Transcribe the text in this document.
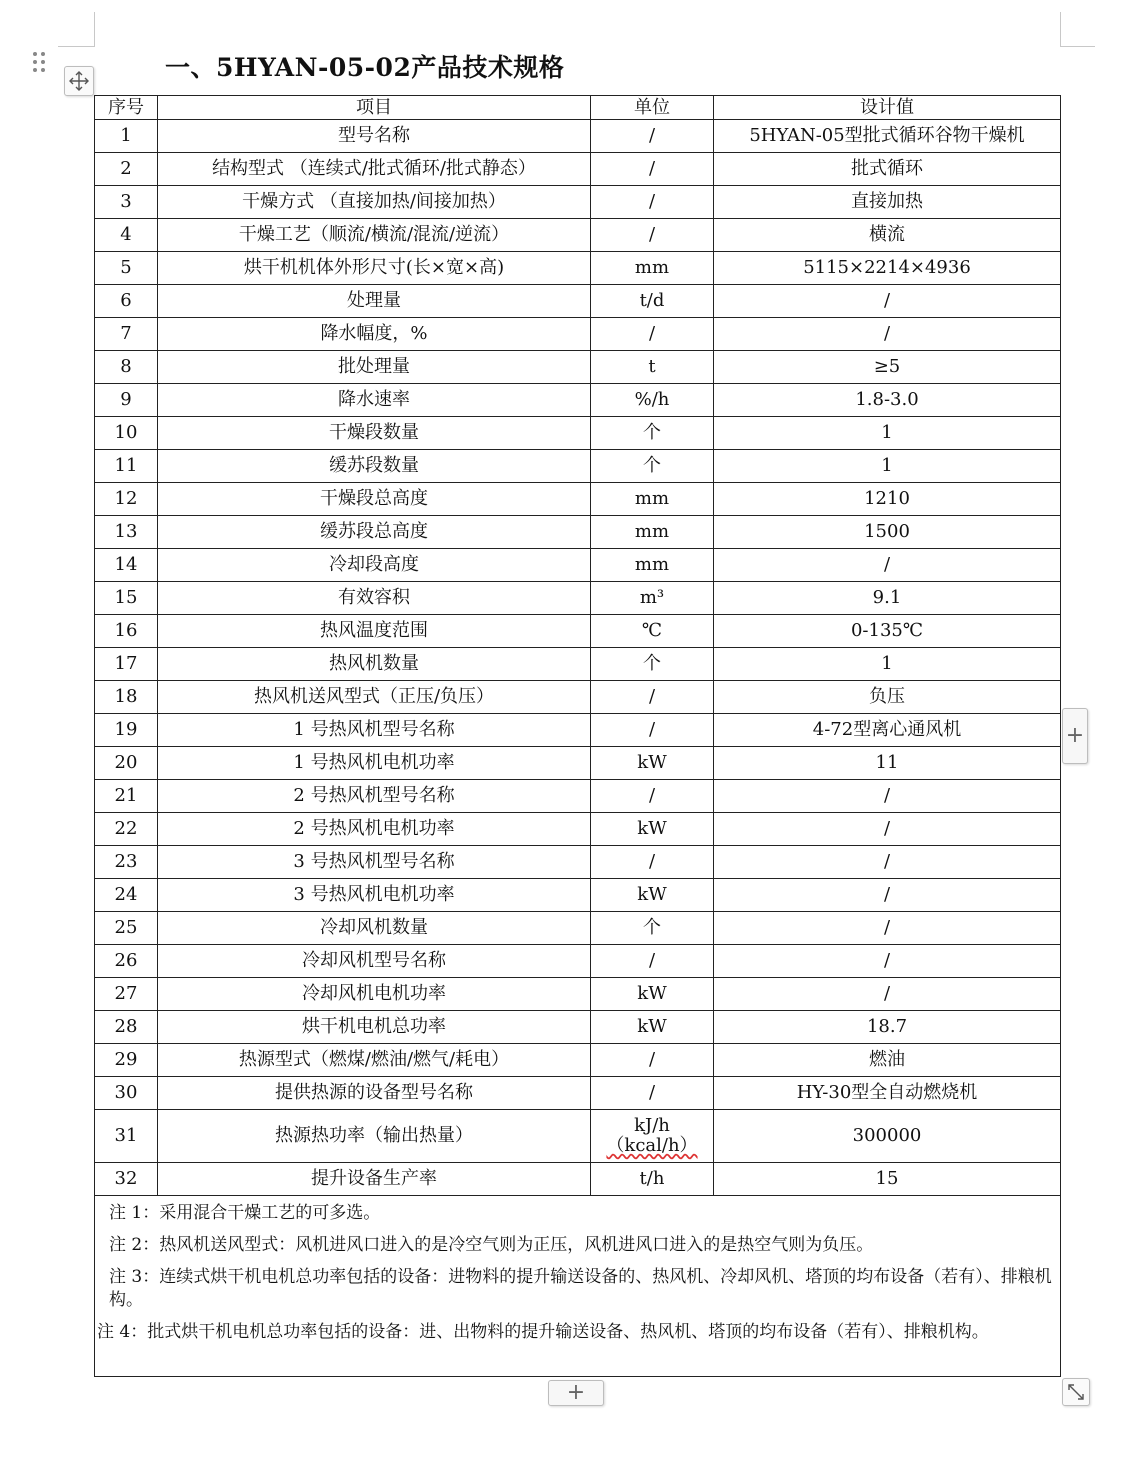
一、5HYAN-05-02产品技术规格
序号	项目	单位	设计值
1	型号名称	/	5HYAN-05型批式循环谷物干燥机
2	结构型式 （连续式/批式循环/批式静态）	/	批式循环
3	干燥方式 （直接加热/间接加热）	/	直接加热
4	干燥工艺（顺流/横流/混流/逆流）	/	横流
5	烘干机机体外形尺寸(长×宽×高)	mm	5115×2214×4936
6	处理量	t/d	/
7	降水幅度，%	/	/
8	批处理量	t	≥5
9	降水速率	%/h	1.8-3.0
10	干燥段数量	个	1
11	缓苏段数量	个	1
12	干燥段总高度	mm	1210
13	缓苏段总高度	mm	1500
14	冷却段高度	mm	/
15	有效容积	m³	9.1
16	热风温度范围	℃	0-135℃
17	热风机数量	个	1
18	热风机送风型式（正压/负压）	/	负压
19	1 号热风机型号名称	/	4-72型离心通风机
20	1 号热风机电机功率	kW	11
21	2 号热风机型号名称	/	/
22	2 号热风机电机功率	kW	/
23	3 号热风机型号名称	/	/
24	3 号热风机电机功率	kW	/
25	冷却风机数量	个	/
26	冷却风机型号名称	/	/
27	冷却风机电机功率	kW	/
28	烘干机电机总功率	kW	18.7
29	热源型式（燃煤/燃油/燃气/耗电）	/	燃油
30	提供热源的设备型号名称	/	HY-30型全自动燃烧机
31	热源热功率（输出热量）	kJ/h
（kcal/h）	300000
32	提升设备生产率	t/h	15

注 1：采用混合干燥工艺的可多选。
注 2：热风机送风型式：风机进风口进入的是冷空气则为正压，风机进风口进入的是热空气则为负压。
注 3：连续式烘干机电机总功率包括的设备：进物料的提升输送设备的、热风机、冷却风机、塔顶的均布设备（若有）、排粮机构。
注 4：批式烘干机电机总功率包括的设备：进、出物料的提升输送设备、热风机、塔顶的均布设备（若有）、排粮机构。			
+
+
